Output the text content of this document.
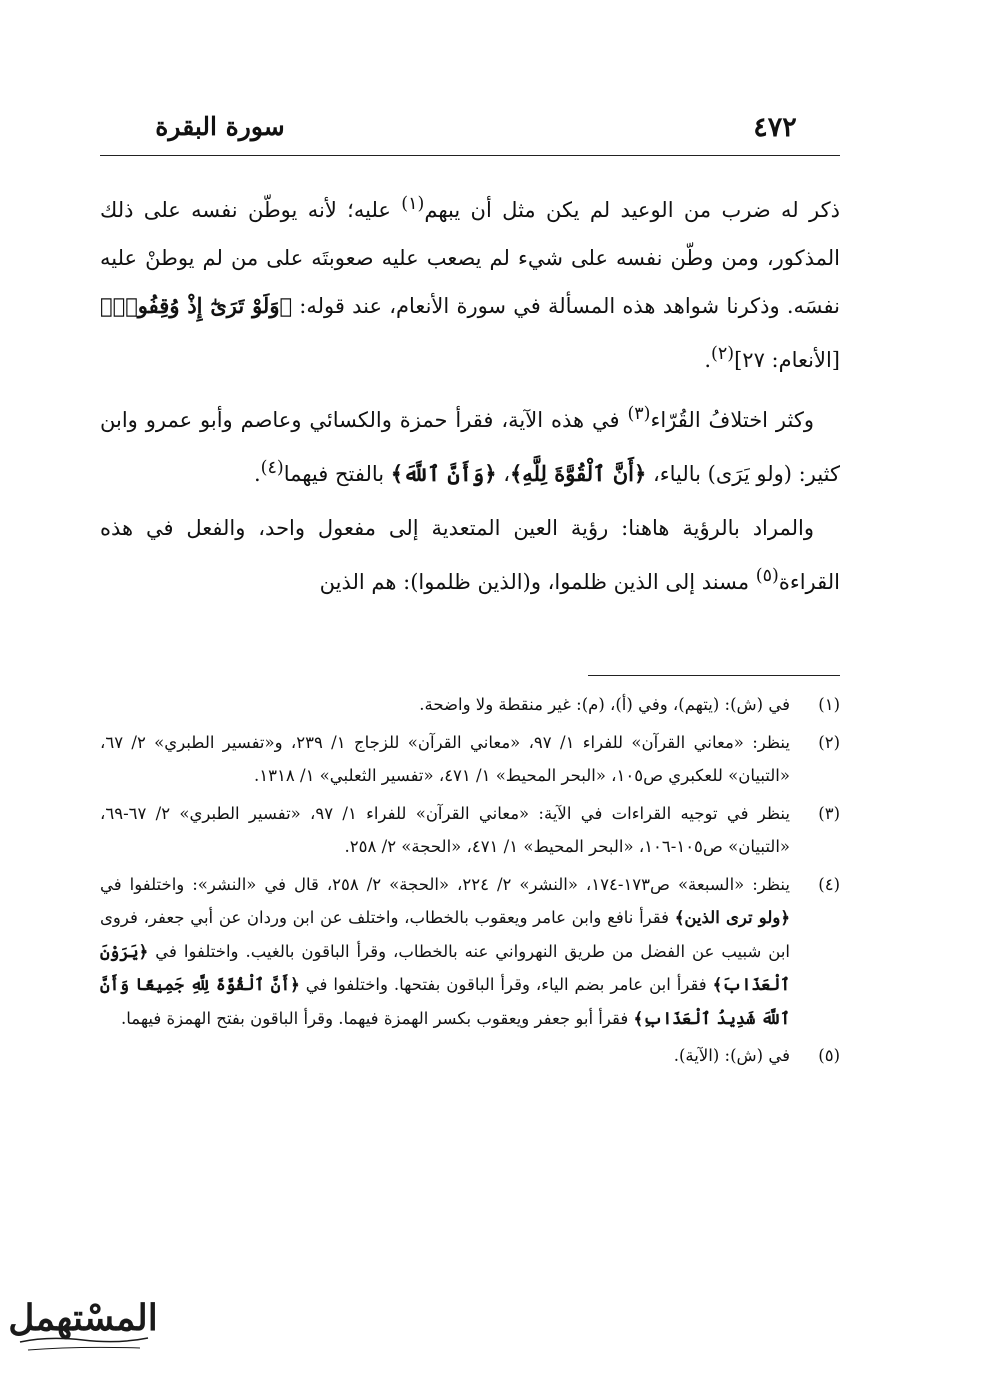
سورة البقرة	٤٧٢

ذكر له ضرب من الوعيد لم يكن مثل أن يبهم$^{(١)}$ عليه؛ لأنه يوطّن نفسه على ذلك المذكور، ومن وطّن نفسه على شيء لم يصعب عليه صعوبتَه على من لم يوطنْ عليه نفسَه. وذكرنا شواهد هذه المسألة في سورة الأنعام، عند قوله: ﴿وَلَوْ تَرَىٰٓ إِذْ وُقِفُوا۟﴾ [الأنعام: ٢٧]$^{(٢)}$.

وكثر اختلافُ القُرّاء$^{(٣)}$ في هذه الآية، فقرأ حمزة والكسائي وعاصم وأبو عمرو وابن كثير: (ولو يَرَى) بالياء، ﴿أَنَّ ٱلْقُوَّةَ لِلَّهِ﴾، ﴿وَأَنَّ ٱللَّهَ﴾ بالفتح فيهما$^{(٤)}$.

والمراد بالرؤية هاهنا: رؤية العين المتعدية إلى مفعول واحد، والفعل في هذه القراءة$^{(٥)}$ مسند إلى الذين ظلموا، و(الذين ظلموا): هم الذين

(١)
في (ش): (يتهم)، وفي (أ)، (م): غير منقطة ولا واضحة.
(٢)
ينظر: «معاني القرآن» للفراء ١/ ٩٧، «معاني القرآن» للزجاج ١/ ٢٣٩، و«تفسير الطبري» ٢/ ٦٧، «التبيان» للعكبري ص١٠٥، «البحر المحيط» ١/ ٤٧١، «تفسير الثعلبي» ١/ ١٣١٨.
(٣)
ينظر في توجيه القراءات في الآية: «معاني القرآن» للفراء ١/ ٩٧، «تفسير الطبري» ٢/ ٦٧-٦٩، «التبيان» ص١٠٥-١٠٦، «البحر المحيط» ١/ ٤٧١، «الحجة» ٢/ ٢٥٨.
(٤)
ينظر: «السبعة» ص١٧٣-١٧٤، «النشر» ٢/ ٢٢٤، «الحجة» ٢/ ٢٥٨، قال في «النشر»: واختلفوا في ﴿ولو ترى الذين﴾ فقرأ نافع وابن عامر ويعقوب بالخطاب، واختلف عن ابن وردان عن أبي جعفر، فروى ابن شبيب عن الفضل من طريق النهرواني عنه بالخطاب، وقرأ الباقون بالغيب. واختلفوا في ﴿يَرَوْنَ ٱلْعَذَابَ﴾ فقرأ ابن عامر بضم الياء، وقرأ الباقون بفتحها. واختلفوا في ﴿أَنَّ ٱلْقُوَّةَ لِلَّهِ جَمِيعًا وَأَنَّ ٱللَّهَ شَدِيدُ ٱلْعَذَابِ﴾ فقرأ أبو جعفر ويعقوب بكسر الهمزة فيهما. وقرأ الباقون بفتح الهمزة فيهما.
(٥)
في (ش): (الآية).
المسْتهمل
